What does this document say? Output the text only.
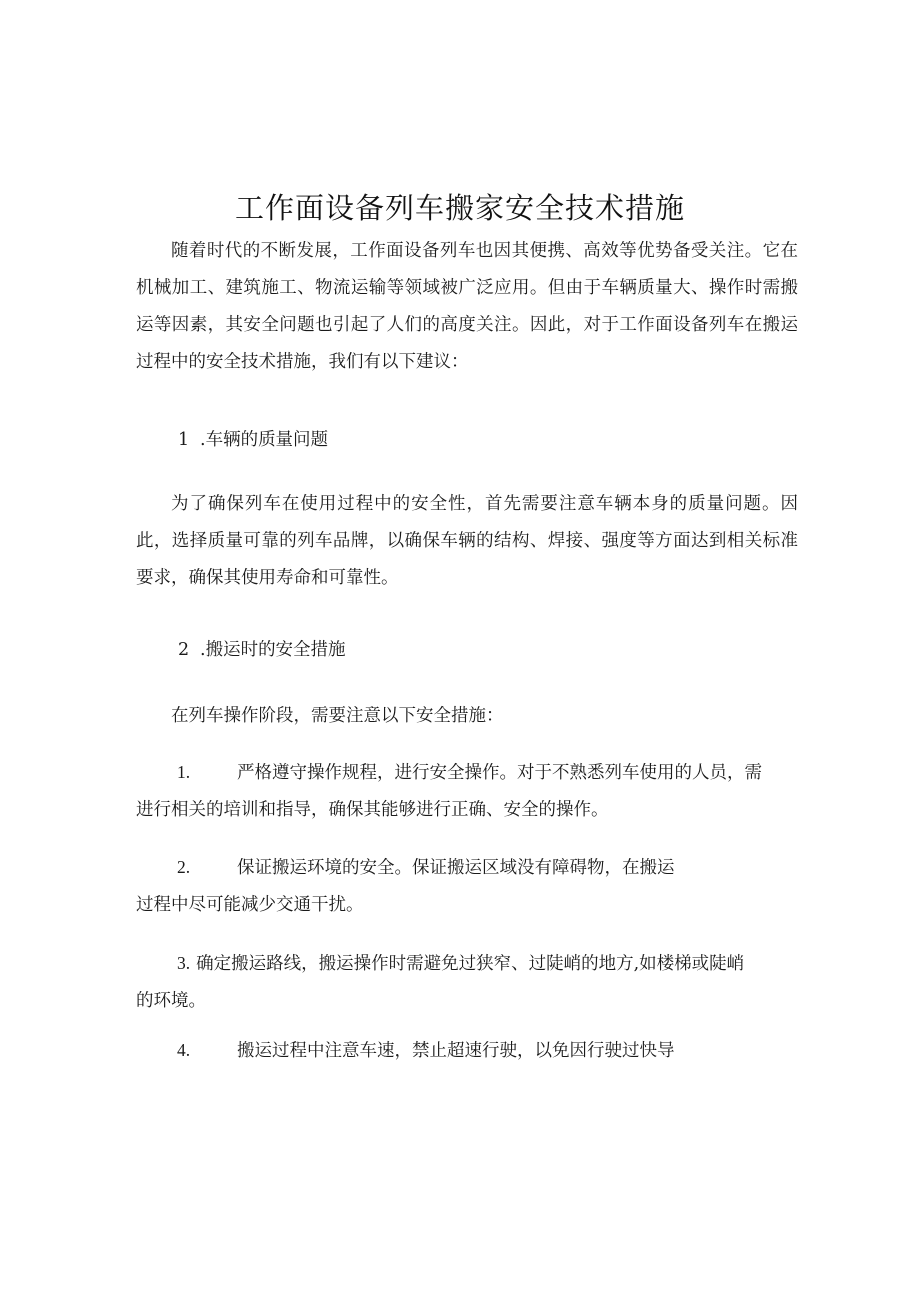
工作面设备列车搬家安全技术措施

随着时代的不断发展，工作面设备列车也因其便携、高效等优势备受关注。它在机械加工、建筑施工、物流运输等领域被广泛应用。但由于车辆质量大、操作时需搬运等因素，其安全问题也引起了人们的高度关注。因此，对于工作面设备列车在搬运过程中的安全技术措施，我们有以下建议：

1 .车辆的质量问题

为了确保列车在使用过程中的安全性，首先需要注意车辆本身的质量问题。因此，选择质量可靠的列车品牌，以确保车辆的结构、焊接、强度等方面达到相关标准要求，确保其使用寿命和可靠性。

2 .搬运时的安全措施

在列车操作阶段，需要注意以下安全措施：

1.	严格遵守操作规程，进行安全操作。对于不熟悉列车使用的人员，需
进行相关的培训和指导，确保其能够进行正确、安全的操作。
2.	保证搬运环境的安全。保证搬运区域没有障碍物，在搬运
过程中尽可能减少交通干扰。
3. 确定搬运路线，搬运操作时需避免过狭窄、过陡峭的地方,如楼梯或陡峭
的环境。
4.	搬运过程中注意车速，禁止超速行驶，以免因行驶过快导
